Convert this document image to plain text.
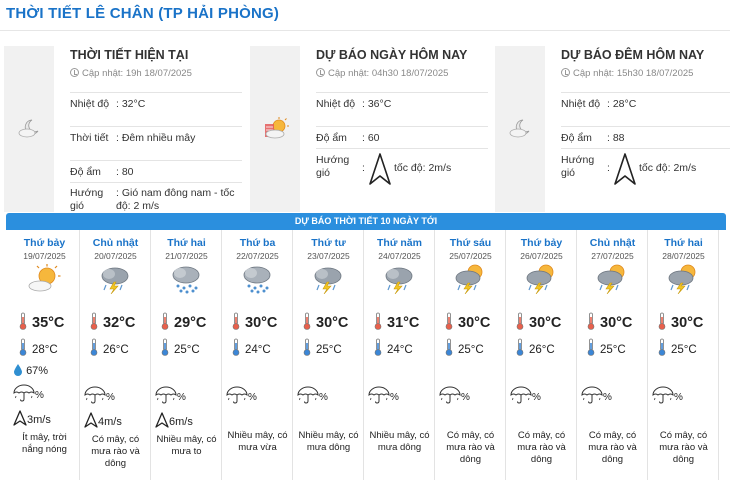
THỜI TIẾT LÊ CHÂN (TP HẢI PHÒNG)
THỜI TIẾT HIỆN TẠI
Cập nhật: 19h 18/07/2025
Nhiệt độ : 32°C
Thời tiết : Đêm nhiều mây
Độ ẩm	: 80
Hướng gió
: Gió nam đông nam - tốc độ: 2 m/s
DỰ BÁO NGÀY HÔM NAY
Cập nhật: 04h30 18/07/2025
Nhiệt độ : 36°C
Độ ẩm	: 60
Hướng gió	:	tốc độ: 2m/s
DỰ BÁO ĐÊM HÔM NAY
Cập nhật: 15h30 18/07/2025
Nhiệt độ : 28°C
Độ ẩm	: 88
Hướng gió	:	tốc độ: 2m/s
DỰ BÁO THỜI TIẾT 10 NGÀY TỚI
Thứ bảy
19/07/2025
35°C
28°C
67%
%
3m/s
Ít mây, trời nắng nóng
Chủ nhật
20/07/2025
32°C
26°C
%
4m/s
Có mây, có mưa rào và dông
Thứ hai
21/07/2025
29°C
25°C
%
6m/s
Nhiều mây, có mưa to
Thứ ba
22/07/2025
30°C
24°C
%
Nhiều mây, có mưa vừa
Thứ tư
23/07/2025
30°C
25°C
%
Nhiều mây, có mưa dông
Thứ năm
24/07/2025
31°C
24°C
%
Nhiều mây, có mưa dông
Thứ sáu
25/07/2025
30°C
25°C
%
Có mây, có mưa rào và dông
Thứ bảy
26/07/2025
30°C
26°C
%
Có mây, có mưa rào và dông
Chủ nhật
27/07/2025
30°C
25°C
%
Có mây, có mưa rào và dông
Thứ hai
28/07/2025
30°C
25°C
%
Có mây, có mưa rào và dông
